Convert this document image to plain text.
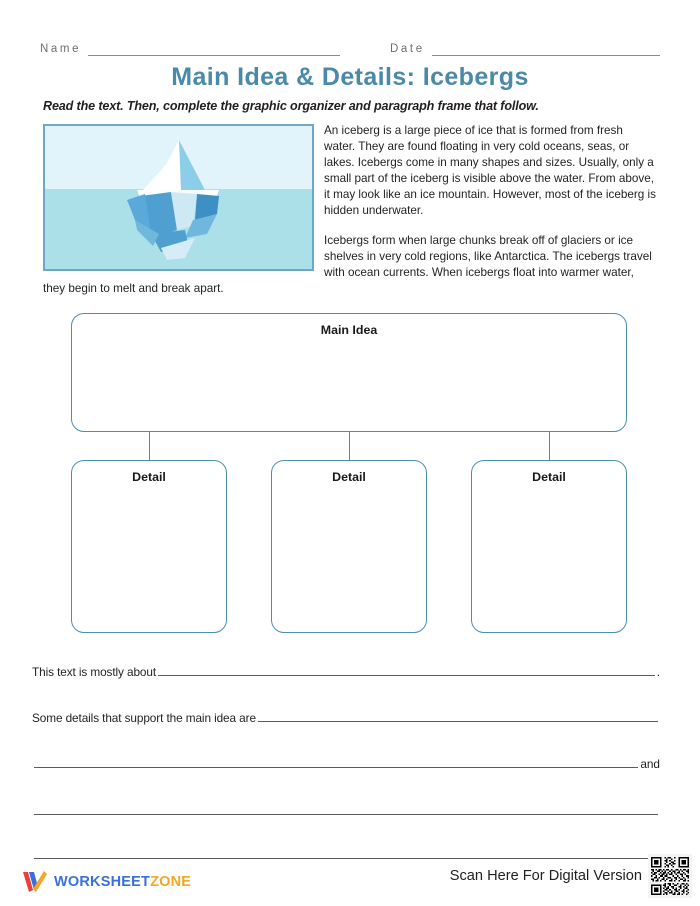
Name	Date
Main Idea & Details: Icebergs
Read the text. Then, complete the graphic organizer and paragraph frame that follow.

An iceberg is a large piece of ice that is formed from fresh water. They are found floating in very cold oceans, seas, or lakes. Icebergs come in many shapes and sizes. Usually, only a small part of the iceberg is visible above the water. From above, it may look like an ice mountain. However, most of the iceberg is hidden underwater.

Icebergs form when large chunks break off of glaciers or ice shelves in very cold regions, like Antarctica. The icebergs travel with ocean currents. When icebergs float into warmer water, they begin to melt and break apart.

Main Idea
Detail	Detail	Detail
This text is mostly about	.
Some details that support the main idea are
and
WORKSHEETZONE	Scan Here For Digital Version
